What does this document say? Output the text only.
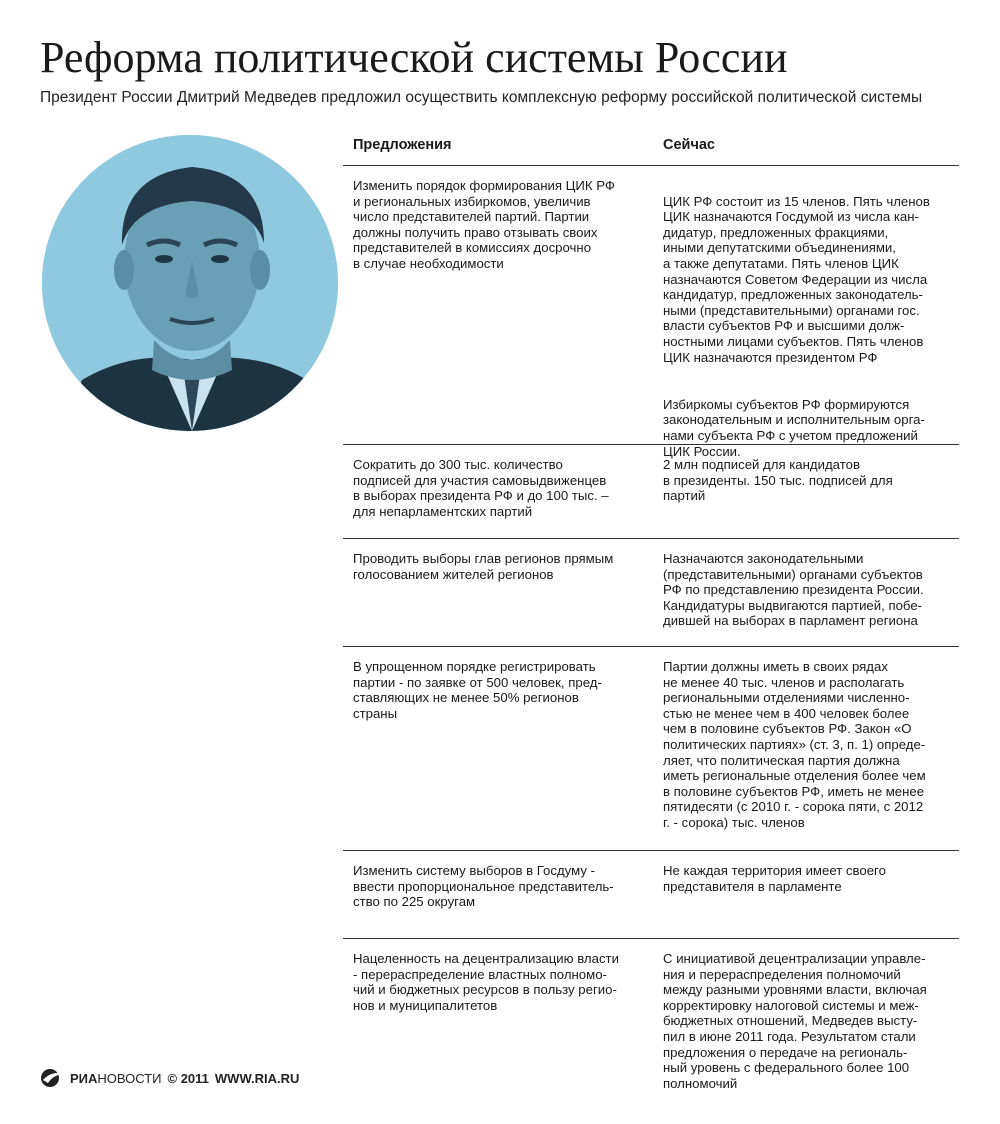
Реформа политической системы России
Президент России Дмитрий Медведев предложил осуществить комплексную реформу российской политической системы
Предложения	Сейчас
Изменить порядок формирования ЦИК РФ
и региональных избиркомов, увеличив
число представителей партий. Партии
должны получить право отзывать своих
представителей в комиссиях досрочно
в случае необходимости

ЦИК РФ состоит из 15 членов. Пять членов
ЦИК назначаются Госдумой из числа кан-
дидатур, предложенных фракциями,
иными депутатскими объединениями,
а также депутатами. Пять членов ЦИК
назначаются Советом Федерации из числа
кандидатур, предложенных законодатель-
ными (представительными) органами гос.
власти субъектов РФ и высшими долж-
ностными лицами субъектов. Пять членов
ЦИК назначаются президентом РФ

Избиркомы субъектов РФ формируются
законодательным и исполнительным орга-
нами субъекта РФ с учетом предложений
ЦИК России.

Сократить до 300 тыс. количество
подписей для участия самовыдвиженцев
в выборах президента РФ и до 100 тыс. –
для непарламентских партий
2 млн подписей для кандидатов
в президенты. 150 тыс. подписей для
партий
Проводить выборы глав регионов прямым
голосованием жителей регионов
Назначаются законодательными
(представительными) органами субъектов
РФ по представлению президента России.
Кандидатуры выдвигаются партией, побе-
дившей на выборах в парламент региона
В упрощенном порядке регистрировать
партии - по заявке от 500 человек, пред-
ставляющих не менее 50% регионов
страны
Партии должны иметь в своих рядах
не менее 40 тыс. членов и располагать
региональными отделениями численно-
стью не менее чем в 400 человек более
чем в половине субъектов РФ. Закон «О
политических партиях» (ст. 3, п. 1) опреде-
ляет, что политическая партия должна
иметь региональные отделения более чем
в половине субъектов РФ, иметь не менее
пятидесяти (с 2010 г. - сорока пяти, с 2012
г. - сорока) тыс. членов
Изменить систему выборов в Госдуму -
ввести пропорциональное представитель-
ство по 225 округам
Не каждая территория имеет своего
представителя в парламенте
Нацеленность на децентрализацию власти
- перераспределение властных полномо-
чий и бюджетных ресурсов в пользу регио-
нов и муниципалитетов
С инициативой децентрализации управле-
ния и перераспределения полномочий
между разными уровнями власти, включая
корректировку налоговой системы и меж-
бюджетных отношений, Медведев высту-
пил в июне 2011 года. Результатом стали
предложения о передаче на региональ-
ный уровень с федерального более 100
полномочий
РИА НОВОСТИ © 2011 WWW.RIA.RU
